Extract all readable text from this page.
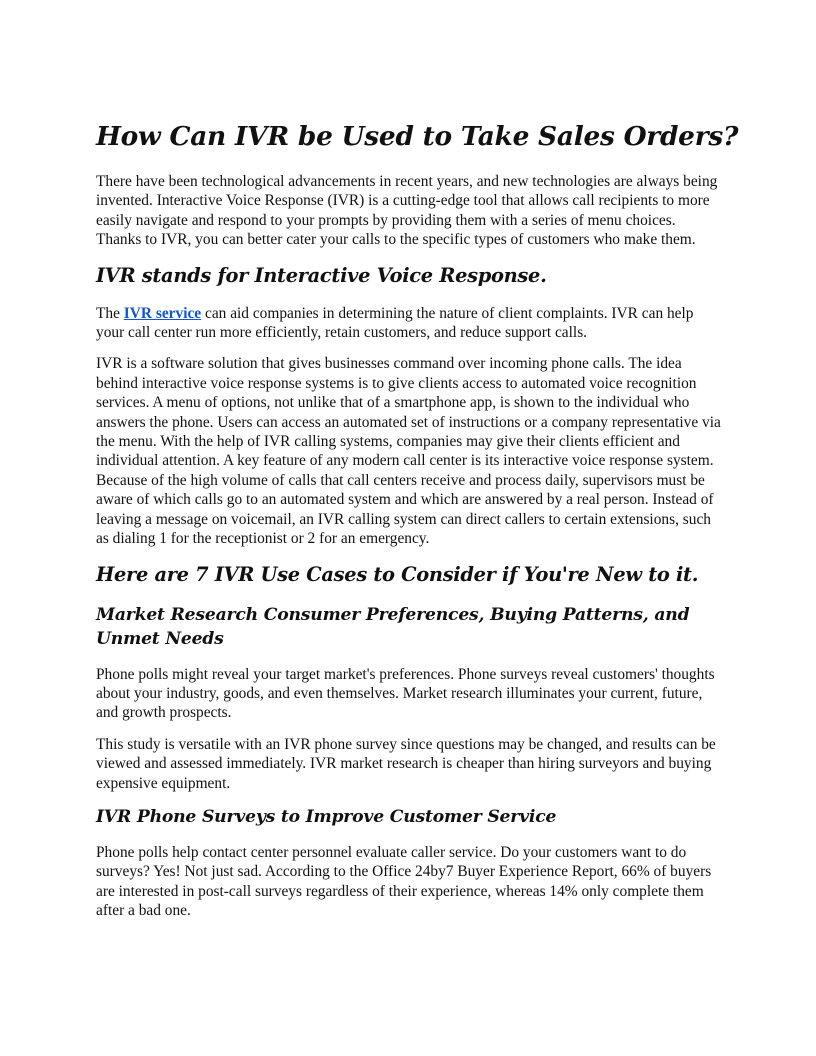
How Can IVR be Used to Take Sales Orders?

There have been technological advancements in recent years, and new technologies are always being invented. Interactive Voice Response (IVR) is a cutting-edge tool that allows call recipients to more easily navigate and respond to your prompts by providing them with a series of menu choices. Thanks to IVR, you can better cater your calls to the specific types of customers who make them.

IVR stands for Interactive Voice Response.

The IVR service can aid companies in determining the nature of client complaints. IVR can help your call center run more efficiently, retain customers, and reduce support calls.

IVR is a software solution that gives businesses command over incoming phone calls. The idea behind interactive voice response systems is to give clients access to automated voice recognition services. A menu of options, not unlike that of a smartphone app, is shown to the individual who answers the phone. Users can access an automated set of instructions or a company representative via the menu. With the help of IVR calling systems, companies may give their clients efficient and individual attention. A key feature of any modern call center is its interactive voice response system. Because of the high volume of calls that call centers receive and process daily, supervisors must be aware of which calls go to an automated system and which are answered by a real person. Instead of leaving a message on voicemail, an IVR calling system can direct callers to certain extensions, such as dialing 1 for the receptionist or 2 for an emergency.

Here are 7 IVR Use Cases to Consider if You're New to it.
Market Research Consumer Preferences, Buying Patterns, and Unmet Needs

Phone polls might reveal your target market's preferences. Phone surveys reveal customers' thoughts about your industry, goods, and even themselves. Market research illuminates your current, future, and growth prospects.

This study is versatile with an IVR phone survey since questions may be changed, and results can be viewed and assessed immediately. IVR market research is cheaper than hiring surveyors and buying expensive equipment.

IVR Phone Surveys to Improve Customer Service

Phone polls help contact center personnel evaluate caller service. Do your customers want to do surveys? Yes! Not just sad. According to the Office 24by7 Buyer Experience Report, 66% of buyers are interested in post-call surveys regardless of their experience, whereas 14% only complete them after a bad one.
